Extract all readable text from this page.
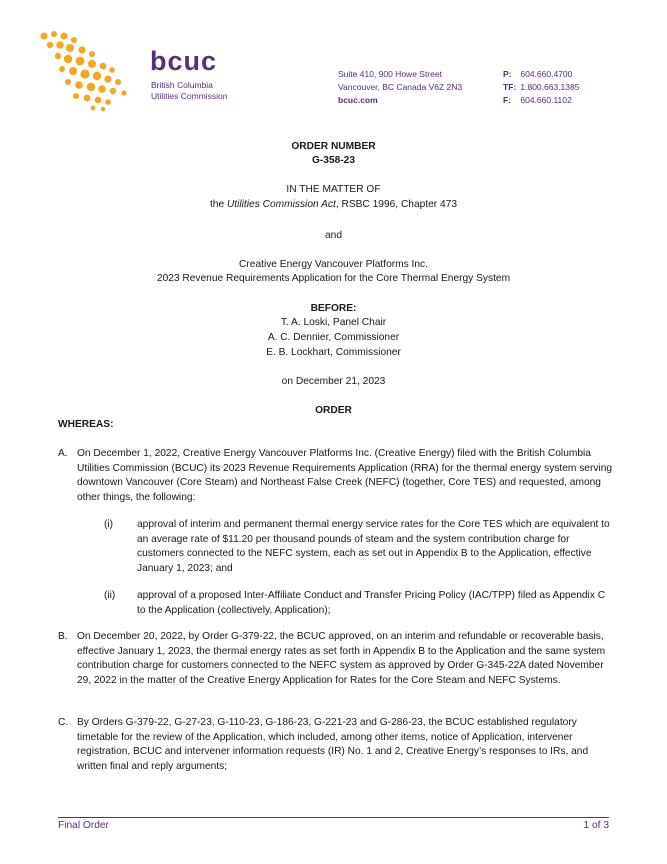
bcuc
British Columbia
Utilities Commission
Suite 410, 900 Howe Street
Vancouver, BC Canada V6Z 2N3
bcuc.com
P: 604.660.4700
TF: 1.800.663.1385
F: 604.660.1102
ORDER NUMBER
G-358-23
IN THE MATTER OF
the Utilities Commission Act, RSBC 1996, Chapter 473
and
Creative Energy Vancouver Platforms Inc.
2023 Revenue Requirements Application for the Core Thermal Energy System
BEFORE:
T. A. Loski, Panel Chair
A. C. Dennier, Commissioner
E. B. Lockhart, Commissioner
on December 21, 2023
ORDER
WHEREAS:
A. On December 1, 2022, Creative Energy Vancouver Platforms Inc. (Creative Energy) filed with the British Columbia Utilities Commission (BCUC) its 2023 Revenue Requirements Application (RRA) for the thermal energy system serving downtown Vancouver (Core Steam) and Northeast False Creek (NEFC) (together, Core TES) and requested, among other things, the following:
(i) approval of interim and permanent thermal energy service rates for the Core TES which are equivalent to an average rate of $11.20 per thousand pounds of steam and the system contribution charge for customers connected to the NEFC system, each as set out in Appendix B to the Application, effective January 1, 2023; and
(ii) approval of a proposed Inter-Affiliate Conduct and Transfer Pricing Policy (IAC/TPP) filed as Appendix C to the Application (collectively, Application);
B. On December 20, 2022, by Order G-379-22, the BCUC approved, on an interim and refundable or recoverable basis, effective January 1, 2023, the thermal energy rates as set forth in Appendix B to the Application and the same system contribution charge for customers connected to the NEFC system as approved by Order G-345-22A dated November 29, 2022 in the matter of the Creative Energy Application for Rates for the Core Steam and NEFC Systems.
C. By Orders G-379-22, G-27-23, G-110-23, G-186-23, G-221-23 and G-286-23, the BCUC established regulatory timetable for the review of the Application, which included, among other items, notice of Application, intervener registration, BCUC and intervener information requests (IR) No. 1 and 2, Creative Energy’s responses to IRs, and written final and reply arguments;
Final Order	1 of 3
